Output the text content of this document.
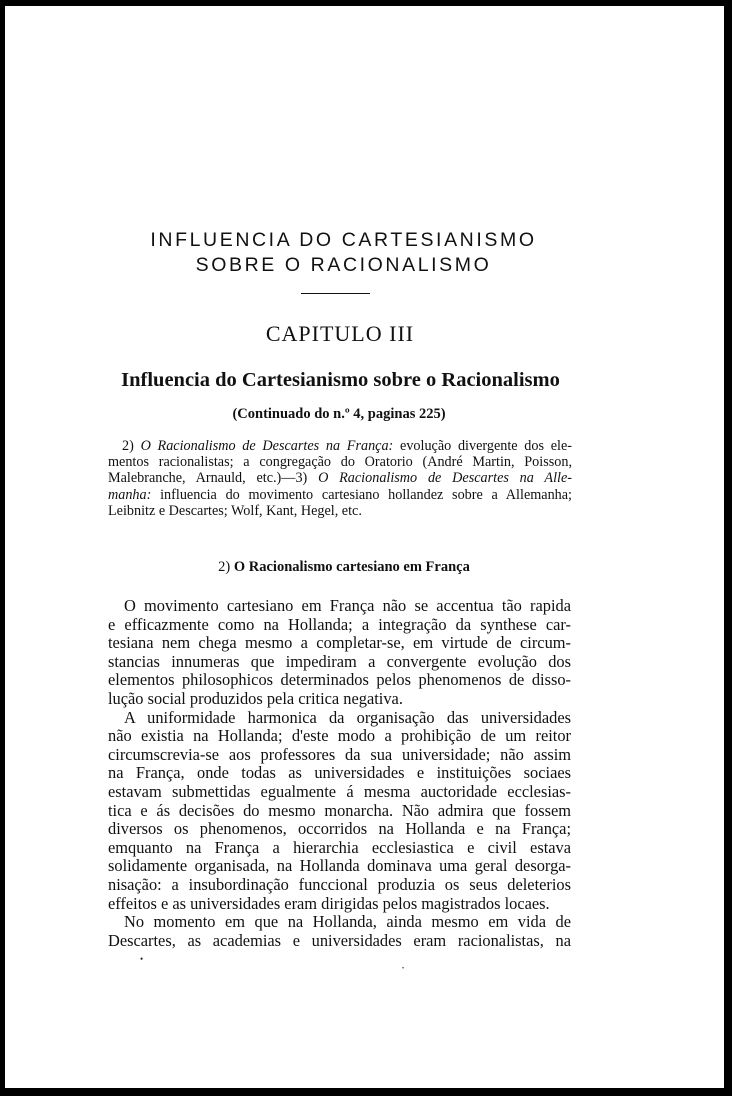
INFLUENCIA DO CARTESIANISMO
SOBRE O RACIONALISMO
CAPITULO III
Influencia do Cartesianismo sobre o Racionalismo
(Continuado do n.º 4, paginas 225)
2) O Racionalismo de Descartes na França: evolução divergente dos ele-
mentos racionalistas; a congregação do Oratorio (André Martin, Poisson,
Malebranche, Arnauld, etc.)—3) O Racionalismo de Descartes na Alle-
manha: influencia do movimento cartesiano hollandez sobre a Allemanha;
Leibnitz e Descartes; Wolf, Kant, Hegel, etc.
2) O Racionalismo cartesiano em França
O movimento cartesiano em França não se accentua tão rapida
e efficazmente como na Hollanda; a integração da synthese car-
tesiana nem chega mesmo a completar-se, em virtude de circum-
stancias innumeras que impediram a convergente evolução dos
elementos philosophicos determinados pelos phenomenos de disso-
lução social produzidos pela critica negativa.
A uniformidade harmonica da organisação das universidades
não existia na Hollanda; d'este modo a prohibição de um reitor
circumscrevia-se aos professores da sua universidade; não assim
na França, onde todas as universidades e instituições sociaes
estavam submettidas egualmente á mesma auctoridade ecclesias-
tica e ás decisões do mesmo monarcha. Não admira que fossem
diversos os phenomenos, occorridos na Hollanda e na França;
emquanto na França a hierarchia ecclesiastica e civil estava
solidamente organisada, na Hollanda dominava uma geral desorga-
nisação: a insubordinação funccional produzia os seus deleterios
effeitos e as universidades eram dirigidas pelos magistrados locaes.
No momento em que na Hollanda, ainda mesmo em vida de
Descartes, as academias e universidades eram racionalistas, na
•
•
